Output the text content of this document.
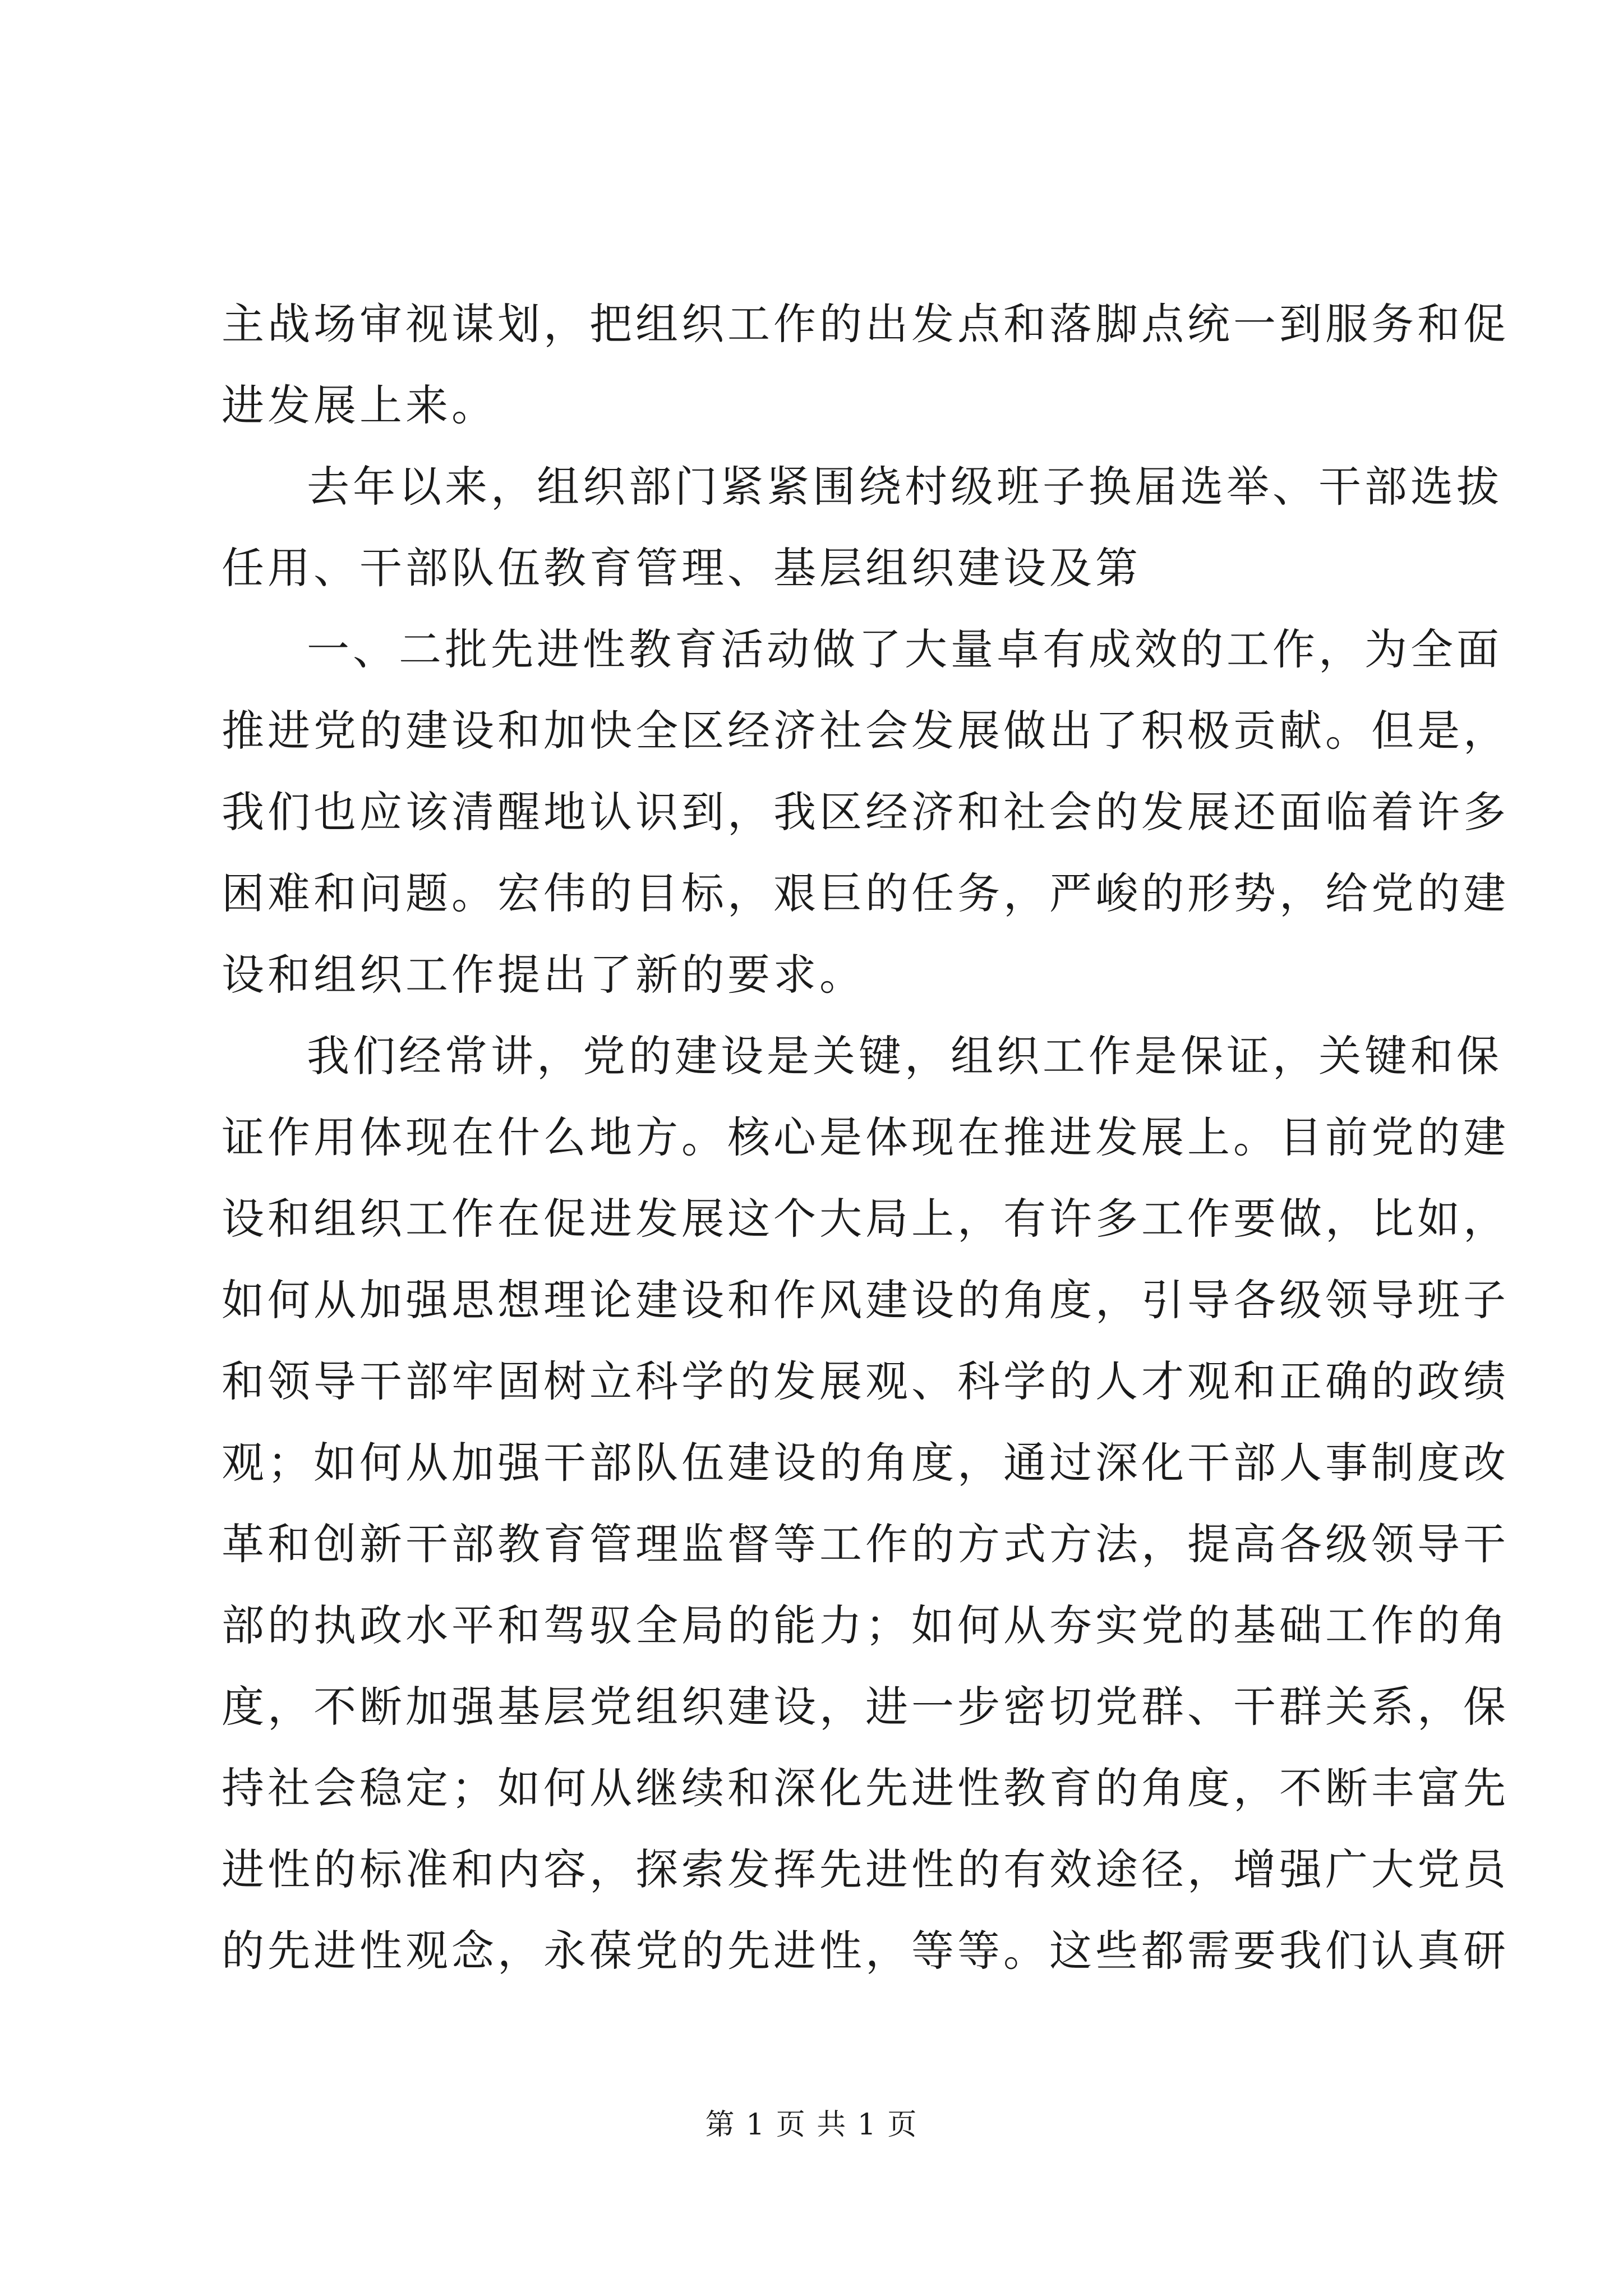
主战场审视谋划，把组织工作的出发点和落脚点统一到服务和促
进发展上来。
去年以来，组织部门紧紧围绕村级班子换届选举、干部选拔
任用、干部队伍教育管理、基层组织建设及第
一、二批先进性教育活动做了大量卓有成效的工作，为全面
推进党的建设和加快全区经济社会发展做出了积极贡献。但是，
我们也应该清醒地认识到，我区经济和社会的发展还面临着许多
困难和问题。宏伟的目标，艰巨的任务，严峻的形势，给党的建
设和组织工作提出了新的要求。
我们经常讲，党的建设是关键，组织工作是保证，关键和保
证作用体现在什么地方。核心是体现在推进发展上。目前党的建
设和组织工作在促进发展这个大局上，有许多工作要做，比如，
如何从加强思想理论建设和作风建设的角度，引导各级领导班子
和领导干部牢固树立科学的发展观、科学的人才观和正确的政绩
观；如何从加强干部队伍建设的角度，通过深化干部人事制度改
革和创新干部教育管理监督等工作的方式方法，提高各级领导干
部的执政水平和驾驭全局的能力；如何从夯实党的基础工作的角
度，不断加强基层党组织建设，进一步密切党群、干群关系，保
持社会稳定；如何从继续和深化先进性教育的角度，不断丰富先
进性的标准和内容，探索发挥先进性的有效途径，增强广大党员
的先进性观念，永葆党的先进性，等等。这些都需要我们认真研
第 1 页 共 1 页
